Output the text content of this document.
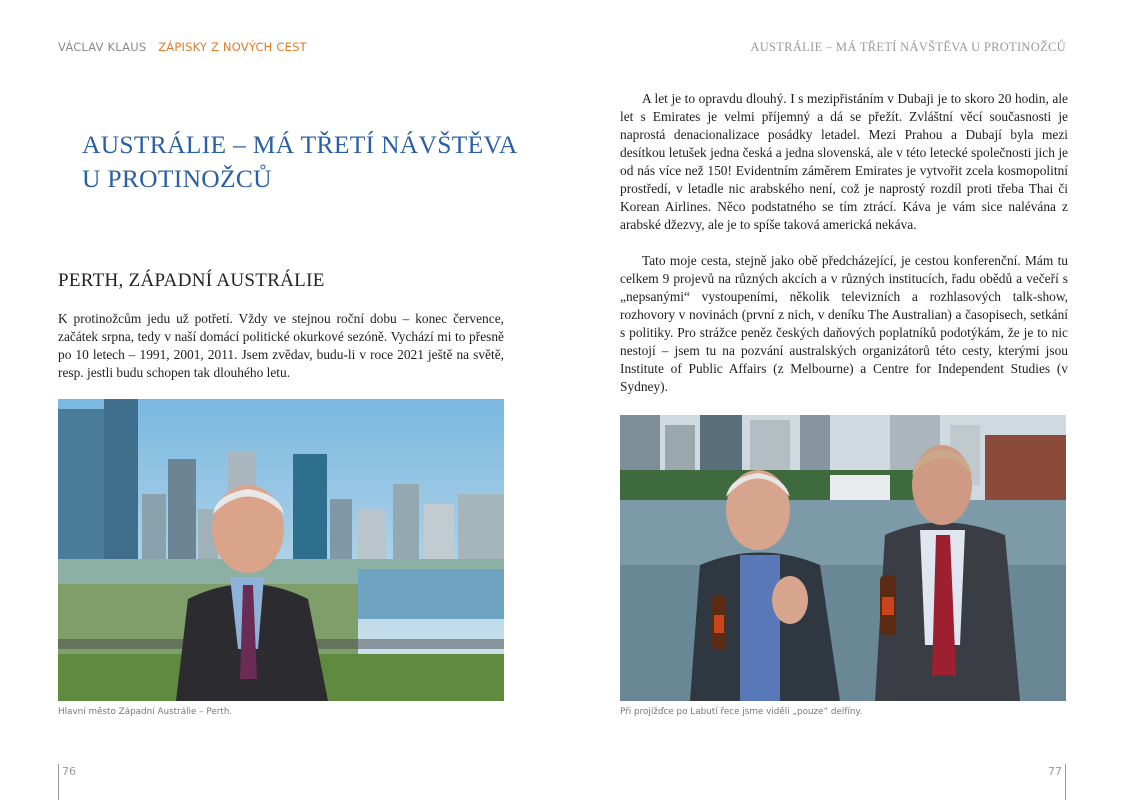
VÁCLAV KLAUS ZÁPISKY Z NOVÝCH CEST
AUSTRÁLIE – MÁ TŘETÍ NÁVŠTĚVA U PROTINOŽCŮ
PERTH, ZÁPADNÍ AUSTRÁLIE

K protinožcům jedu už potřetí. Vždy ve stejnou roční dobu – konec července, začátek srpna, tedy v naší domácí politické okurkové sezóně. Vychází mi to přesně po 10 letech – 1991, 2001, 2011. Jsem zvědav, budu-li v roce 2021 ještě na světě, resp. jestli budu schopen tak dlouhého letu.

Hlavní město Západní Austrálie – Perth.
76
AUSTRÁLIE – MÁ TŘETÍ NÁVŠTĚVA U PROTINOŽCŮ

A let je to opravdu dlouhý. I s mezipřistáním v Dubaji je to skoro 20 hodin, ale let s Emirates je velmi příjemný a dá se přežít. Zvláštní věcí současnosti je naprostá denacionalizace posádky letadel. Mezi Prahou a Dubají byla mezi desítkou letušek jedna česká a jedna slovenská, ale v této letecké společnosti jich je od nás více než 150! Evidentním záměrem Emirates je vytvořit zcela kosmopolitní prostředí, v letadle nic arabského není, což je naprostý rozdíl proti třeba Thai či Korean Airlines. Něco podstatného se tím ztrácí. Káva je vám sice nalévána z arabské džezvy, ale je to spíše taková americká nekáva.

Tato moje cesta, stejně jako obě předcházející, je cestou konferenční. Mám tu celkem 9 projevů na různých akcích a v různých institucích, řadu obědů a večeří s „nepsanými“ vystoupeními, několik televizních a rozhlasových talk-show, rozhovory v novinách (první z nich, v deníku The Australian) a časopisech, setkání s politiky. Pro strážce peněz českých daňových poplatníků podotýkám, že je to nic nestojí – jsem tu na pozvání australských organizátorů této cesty, kterými jsou Institute of Public Affairs (z Melbourne) a Centre for Independent Studies (v Sydney).

Při projížďce po Labutí řece jsme viděli „pouze“ delfíny.
77
